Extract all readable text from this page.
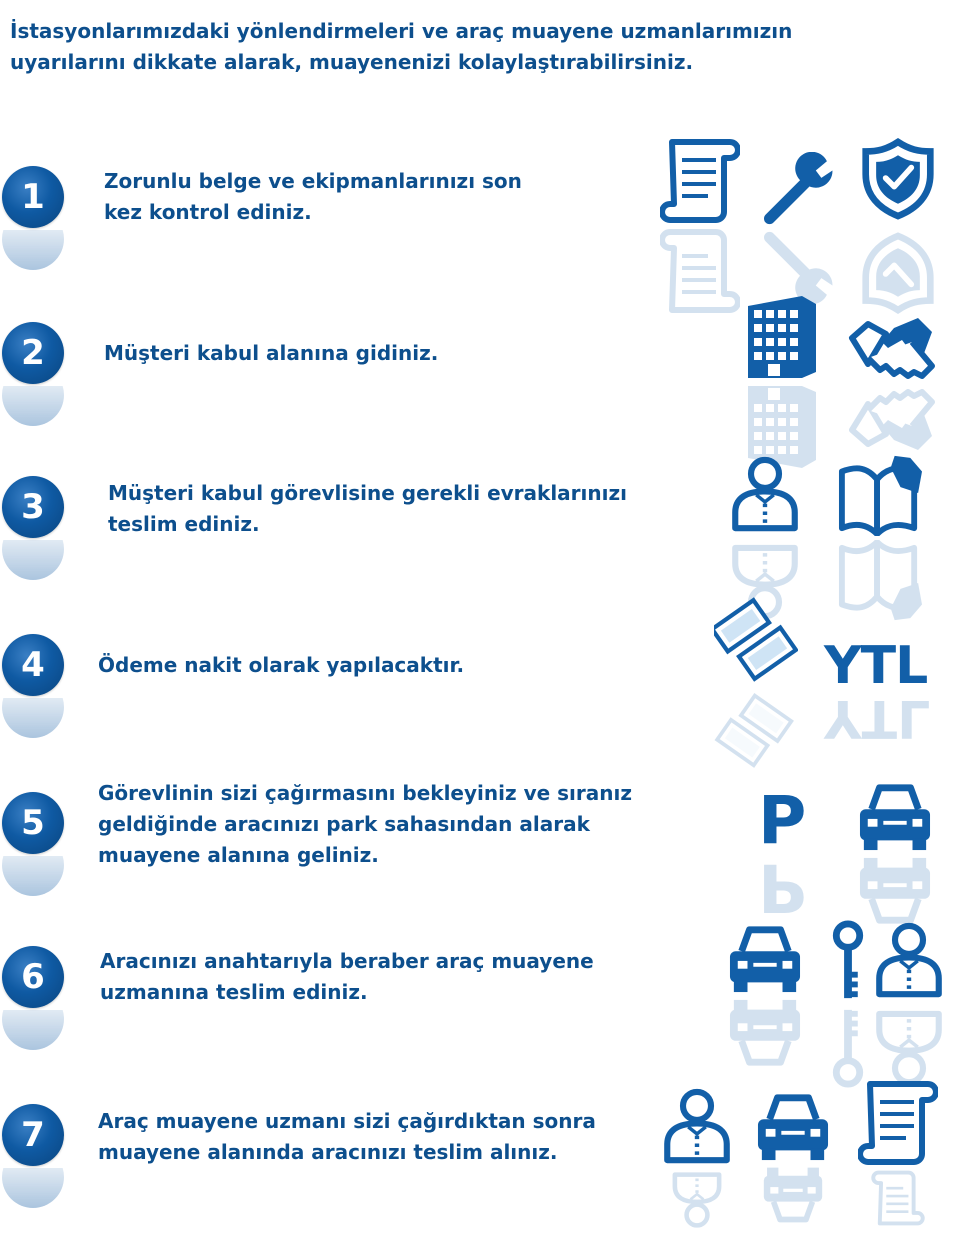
İstasyonlarımızdaki yönlendirmeleri ve araç muayene uzmanlarımızın
uyarılarını dikkate alarak, muayenenizi kolaylaştırabilirsiniz.
1	Zorunlu belge ve ekipmanlarınızı son
kez kontrol ediniz.
2	Müşteri kabul alanına gidiniz.
3	Müşteri kabul görevlisine gerekli evraklarınızı
teslim ediniz.
4	Ödeme nakit olarak yapılacaktır.	YTL
YTL
5
Görevlinin sizi çağırmasını bekleyiniz ve sıranız
geldiğinde aracınızı park sahasından alarak
muayene alanına geliniz.	P
P
6	Aracınızı anahtarıyla beraber araç muayene
uzmanına teslim ediniz.
7	Araç muayene uzmanı sizi çağırdıktan sonra
muayene alanında aracınızı teslim alınız.
